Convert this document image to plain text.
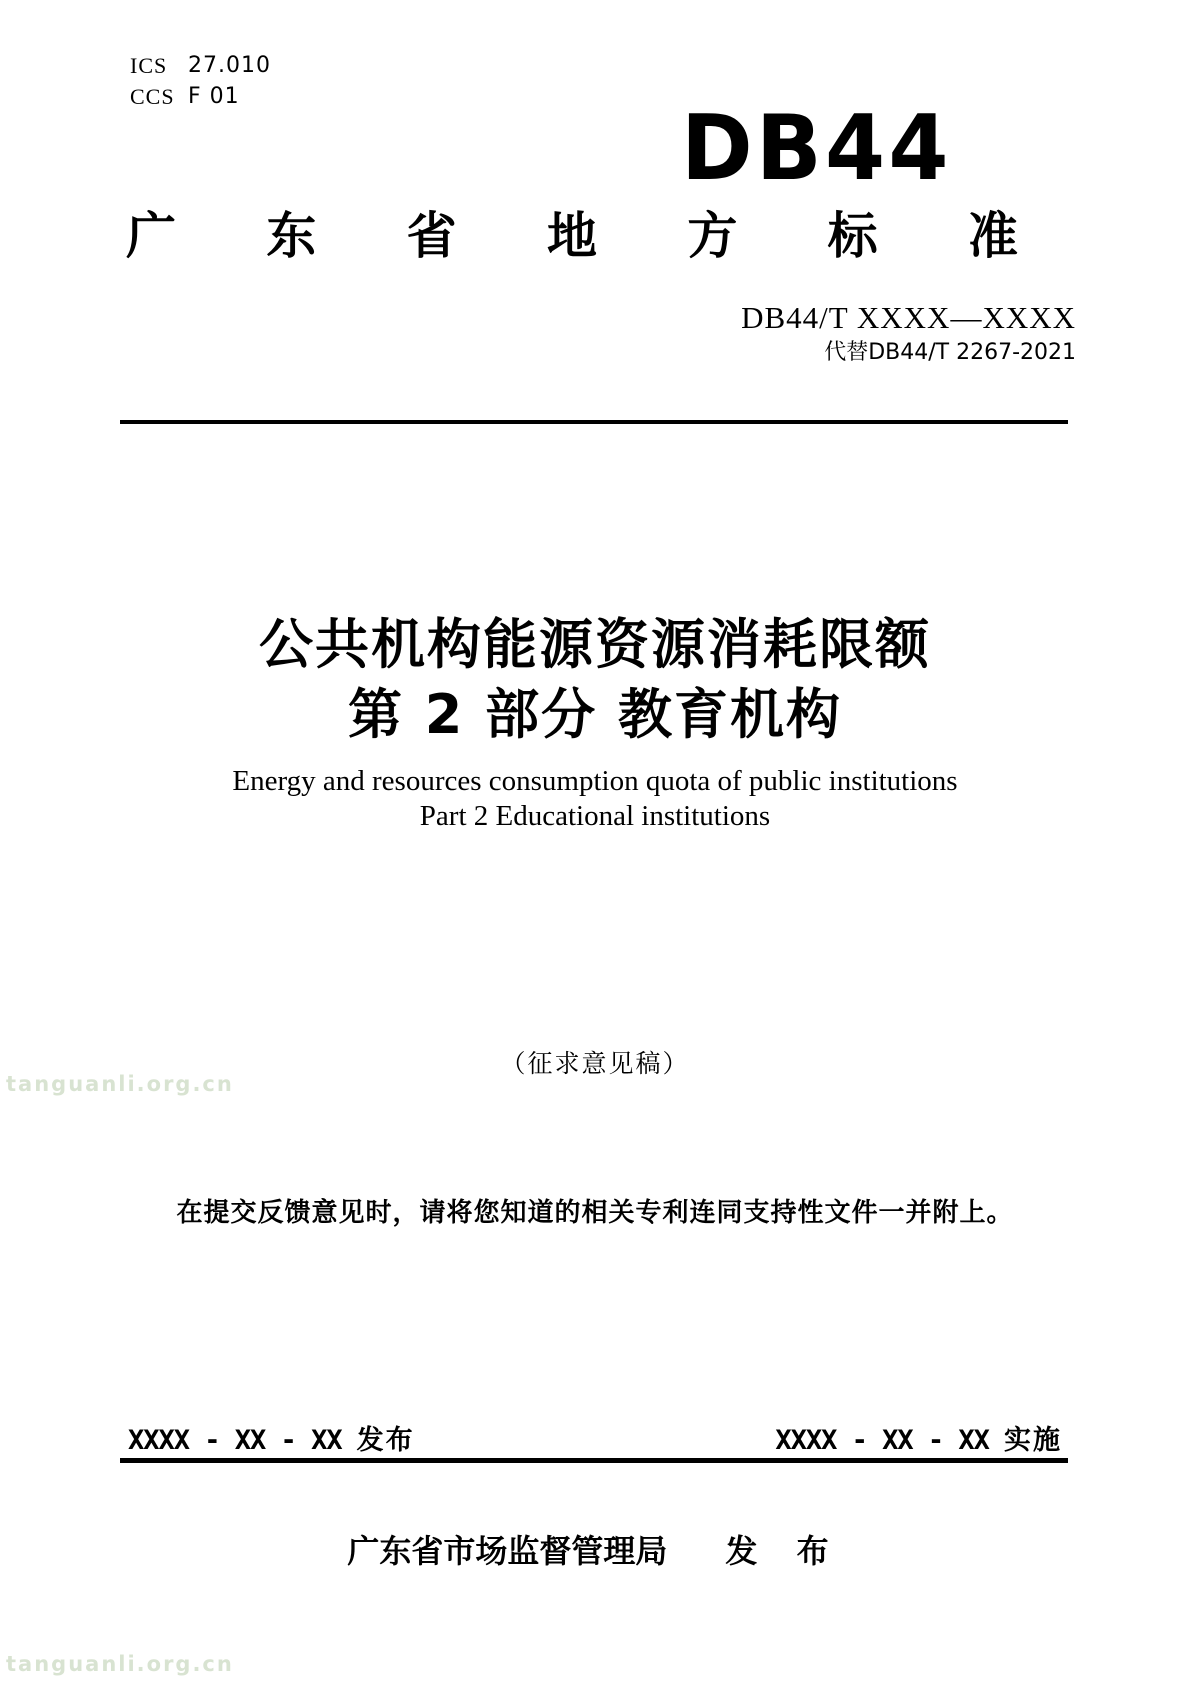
ICS 27.010
CCS F 01	DB44
广 东 省 地 方 标 准
DB44/T XXXX—XXXX
代替DB44/T 2267-2021
公共机构能源资源消耗限额
第 2 部分 教育机构
Energy and resources consumption quota of public institutions
Part 2 Educational institutions
（征求意见稿）
在提交反馈意见时，请将您知道的相关专利连同支持性文件一并附上。
tanguanli.org.cn
XXXX - XX - XX 发布	XXXX - XX - XX 实施
广东省市场监督管理局 发 布
tanguanli.org.cn
